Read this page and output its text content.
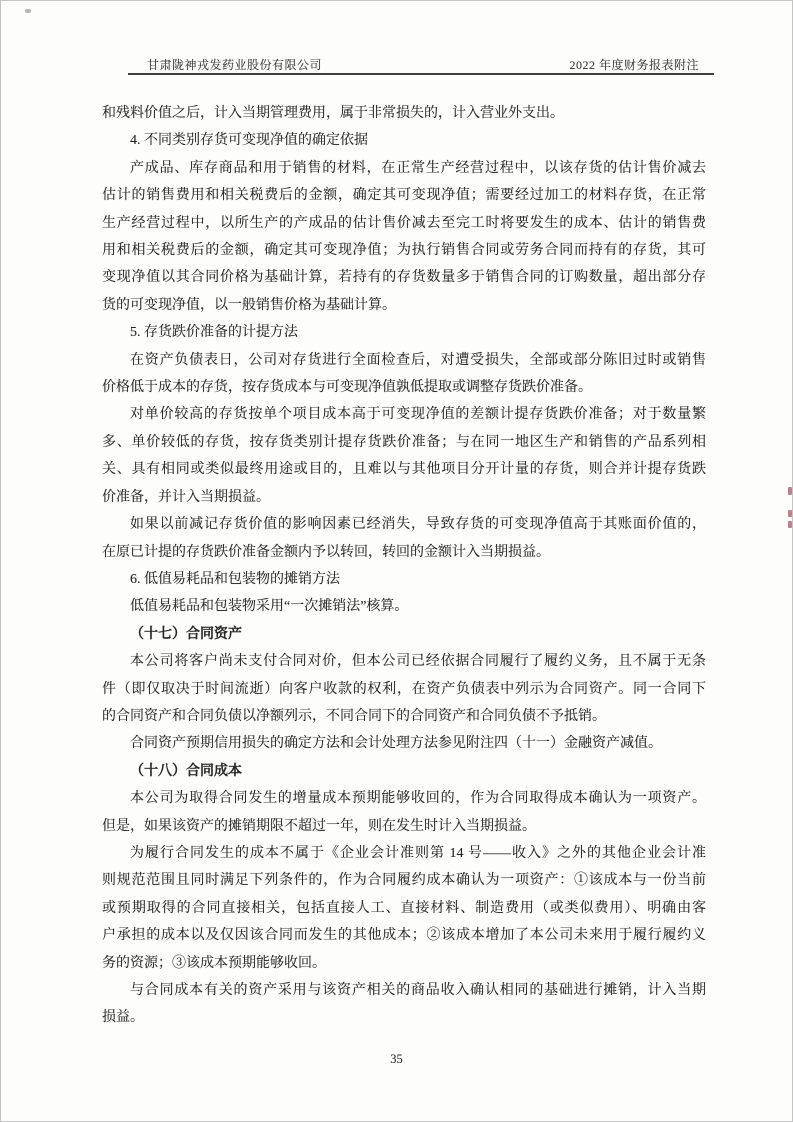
甘肃陇神戎发药业股份有限公司	2022 年度财务报表附注
和残料价值之后，计入当期管理费用，属于非常损失的，计入营业外支出。
4. 不同类别存货可变现净值的确定依据
产成品、库存商品和用于销售的材料，在正常生产经营过程中，以该存货的估计售价减去
估计的销售费用和相关税费后的金额，确定其可变现净值；需要经过加工的材料存货，在正常
生产经营过程中，以所生产的产成品的估计售价减去至完工时将要发生的成本、估计的销售费
用和相关税费后的金额，确定其可变现净值；为执行销售合同或劳务合同而持有的存货，其可
变现净值以其合同价格为基础计算，若持有的存货数量多于销售合同的订购数量，超出部分存
货的可变现净值，以一般销售价格为基础计算。
5. 存货跌价准备的计提方法
在资产负债表日，公司对存货进行全面检查后，对遭受损失，全部或部分陈旧过时或销售
价格低于成本的存货，按存货成本与可变现净值孰低提取或调整存货跌价准备。
对单价较高的存货按单个项目成本高于可变现净值的差额计提存货跌价准备；对于数量繁
多、单价较低的存货，按存货类别计提存货跌价准备；与在同一地区生产和销售的产品系列相
关、具有相同或类似最终用途或目的，且难以与其他项目分开计量的存货，则合并计提存货跌
价准备，并计入当期损益。
如果以前减记存货价值的影响因素已经消失，导致存货的可变现净值高于其账面价值的，
在原已计提的存货跌价准备金额内予以转回，转回的金额计入当期损益。
6. 低值易耗品和包装物的摊销方法
低值易耗品和包装物采用“一次摊销法”核算。
（十七）合同资产
本公司将客户尚未支付合同对价，但本公司已经依据合同履行了履约义务，且不属于无条
件（即仅取决于时间流逝）向客户收款的权利，在资产负债表中列示为合同资产。同一合同下
的合同资产和合同负债以净额列示，不同合同下的合同资产和合同负债不予抵销。
合同资产预期信用损失的确定方法和会计处理方法参见附注四（十一）金融资产减值。
（十八）合同成本
本公司为取得合同发生的增量成本预期能够收回的，作为合同取得成本确认为一项资产。
但是，如果该资产的摊销期限不超过一年，则在发生时计入当期损益。
为履行合同发生的成本不属于《企业会计准则第 14 号——收入》之外的其他企业会计准
则规范范围且同时满足下列条件的，作为合同履约成本确认为一项资产：①该成本与一份当前
或预期取得的合同直接相关，包括直接人工、直接材料、制造费用（或类似费用）、明确由客
户承担的成本以及仅因该合同而发生的其他成本；②该成本增加了本公司未来用于履行履约义
务的资源；③该成本预期能够收回。
与合同成本有关的资产采用与该资产相关的商品收入确认相同的基础进行摊销，计入当期
损益。
35
